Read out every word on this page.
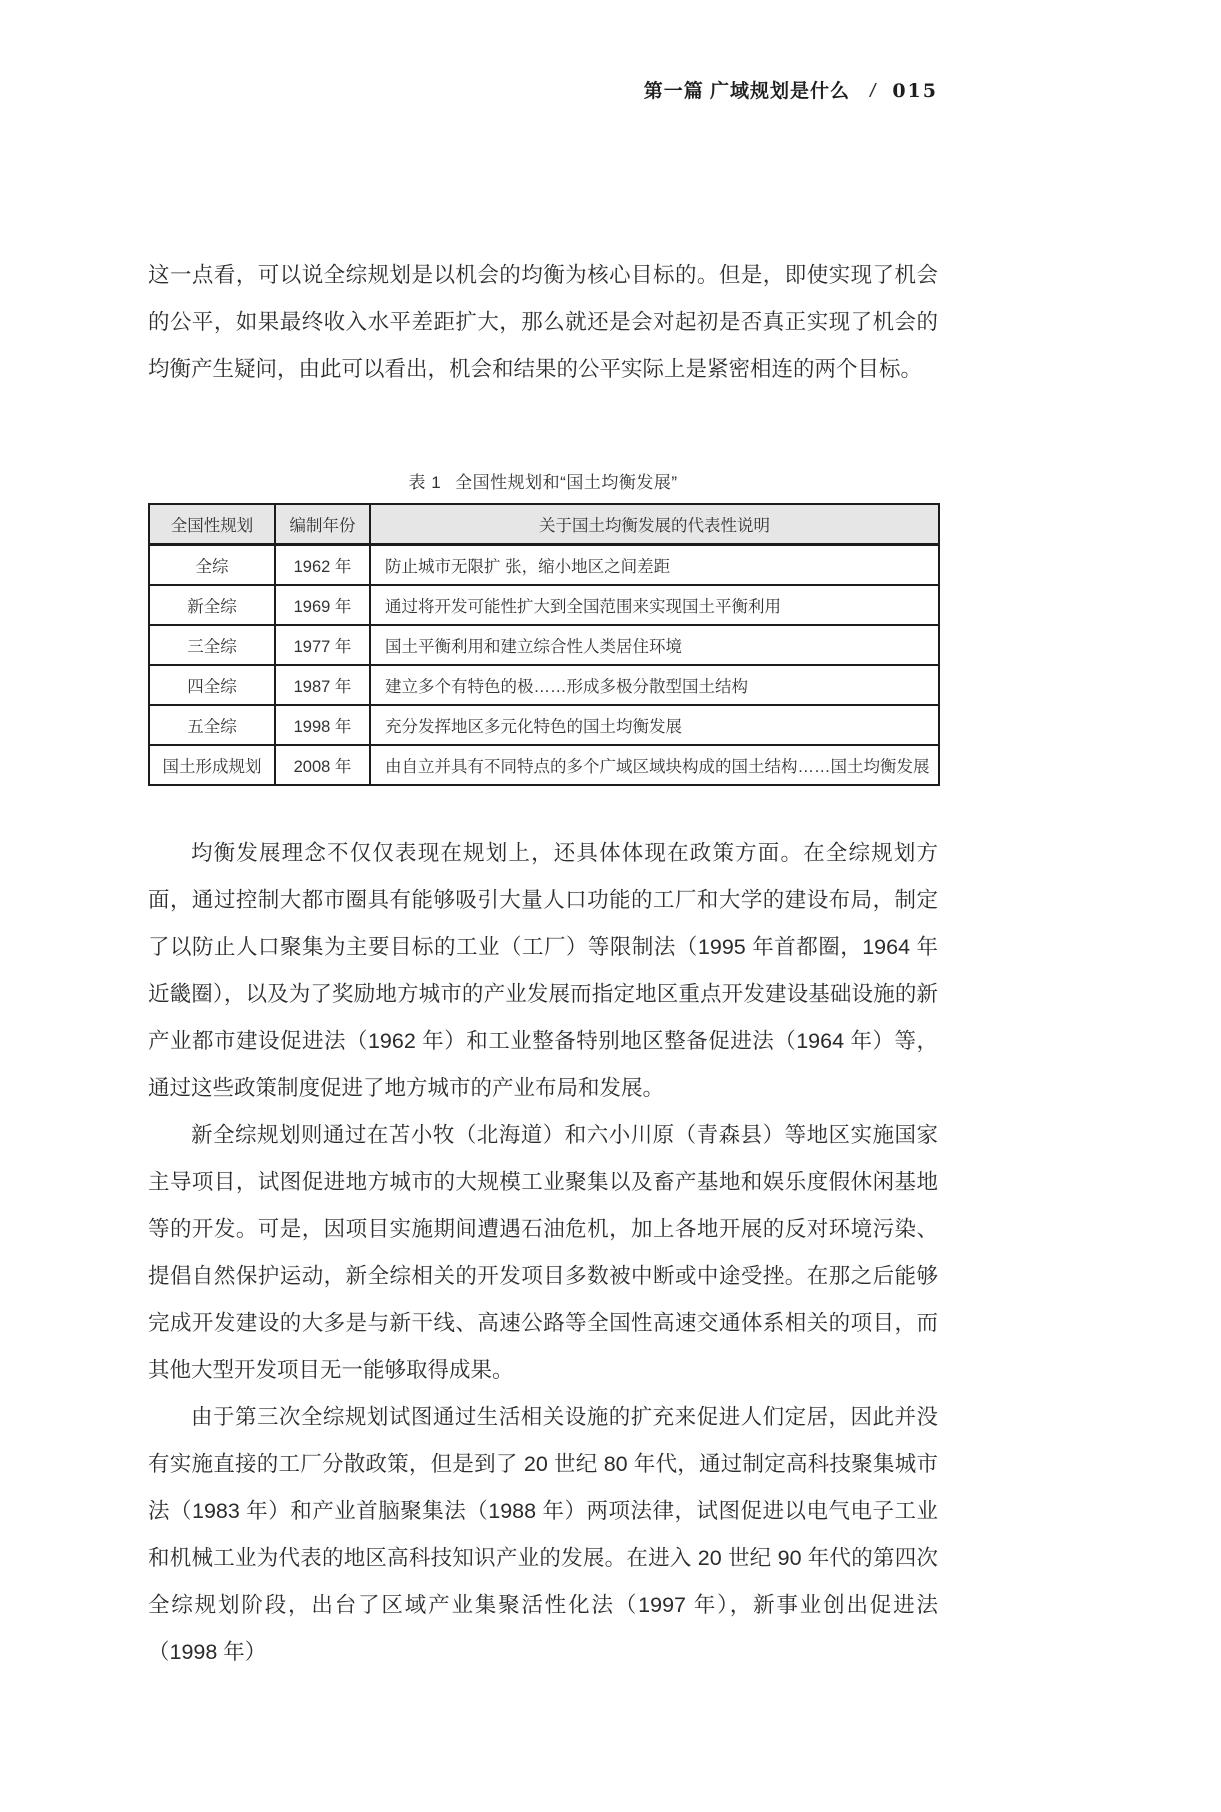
第一篇 广域规划是什么 / 015

这一点看，可以说全综规划是以机会的均衡为核心目标的。但是，即使实现了机会的公平，如果最终收入水平差距扩大，那么就还是会对起初是否真正实现了机会的均衡产生疑问，由此可以看出，机会和结果的公平实际上是紧密相连的两个目标。

表 1 全国性规划和“国土均衡发展”
全国性规划	编制年份	关于国土均衡发展的代表性说明
全综	1962 年	防止城市无限扩 张，缩小地区之间差距
新全综	1969 年	通过将开发可能性扩大到全国范围来实现国土平衡利用
三全综	1977 年	国土平衡利用和建立综合性人类居住环境
四全综	1987 年	建立多个有特色的极……形成多极分散型国土结构
五全综	1998 年	充分发挥地区多元化特色的国土均衡发展
国土形成规划	2008 年	由自立并具有不同特点的多个广域区域块构成的国土结构……国土均衡发展

均衡发展理念不仅仅表现在规划上，还具体体现在政策方面。在全综规划方面，通过控制大都市圈具有能够吸引大量人口功能的工厂和大学的建设布局，制定了以防止人口聚集为主要目标的工业（工厂）等限制法（1995 年首都圈，1964 年近畿圈），以及为了奖励地方城市的产业发展而指定地区重点开发建设基础设施的新产业都市建设促进法（1962 年）和工业整备特别地区整备促进法（1964 年）等，通过这些政策制度促进了地方城市的产业布局和发展。

新全综规划则通过在苫小牧（北海道）和六小川原（青森县）等地区实施国家主导项目，试图促进地方城市的大规模工业聚集以及畜产基地和娱乐度假休闲基地等的开发。可是，因项目实施期间遭遇石油危机，加上各地开展的反对环境污染、提倡自然保护运动，新全综相关的开发项目多数被中断或中途受挫。在那之后能够完成开发建设的大多是与新干线、高速公路等全国性高速交通体系相关的项目，而其他大型开发项目无一能够取得成果。

由于第三次全综规划试图通过生活相关设施的扩充来促进人们定居，因此并没有实施直接的工厂分散政策，但是到了 20 世纪 80 年代，通过制定高科技聚集城市法（1983 年）和产业首脑聚集法（1988 年）两项法律，试图促进以电气电子工业和机械工业为代表的地区高科技知识产业的发展。在进入 20 世纪 90 年代的第四次全综规划阶段，出台了区域产业集聚活性化法（1997 年），新事业创出促进法（1998 年）
